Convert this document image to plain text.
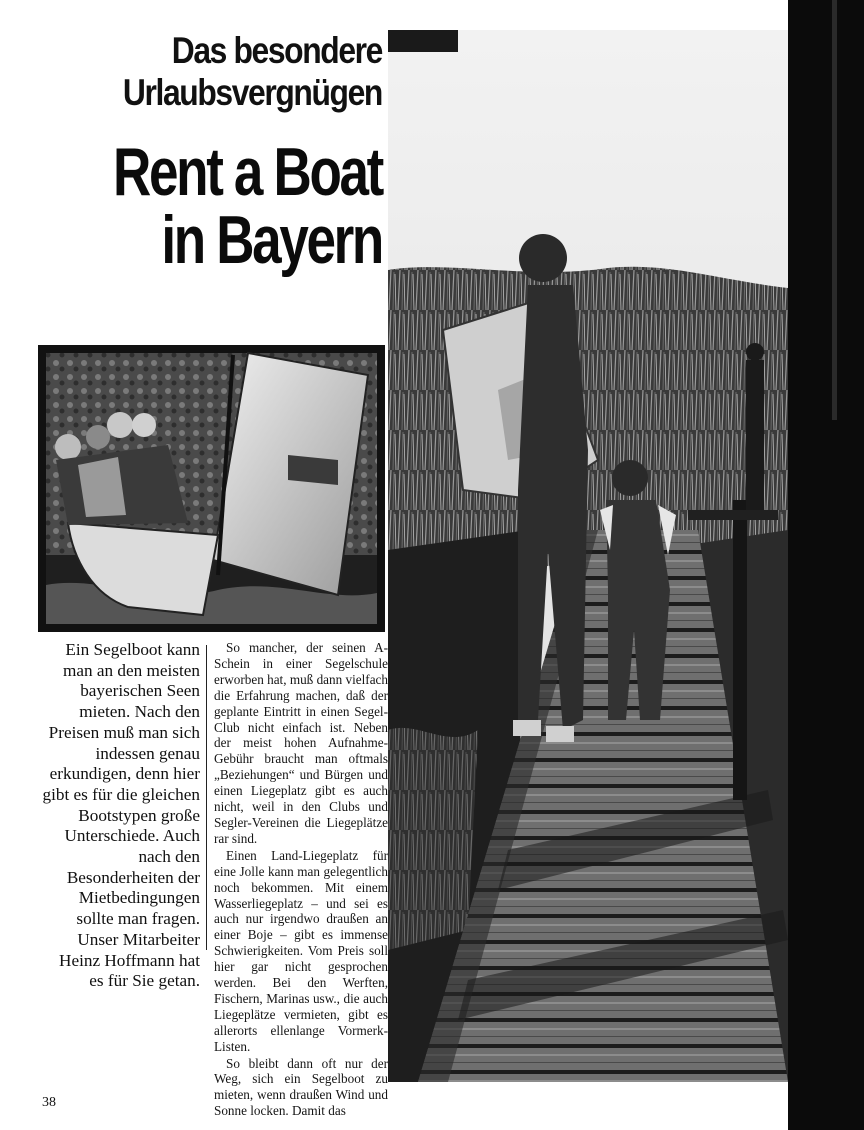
Das besondere
Urlaubsvergnügen
Rent a Boat
in Bayern
Ein Segelboot kann man an den meisten bayerischen Seen mieten. Nach den Preisen muß man sich indessen genau erkundigen, denn hier gibt es für die gleichen Bootstypen große Unterschiede. Auch nach den Besonderheiten der Mietbedingungen sollte man fragen. Unser Mitarbeiter Heinz Hoffmann hat es für Sie getan.

So mancher, der seinen A-Schein in einer Segelschule erworben hat, muß dann vielfach die Erfahrung machen, daß der geplante Eintritt in einen Segel-Club nicht einfach ist. Neben der meist hohen Aufnahme-Gebühr braucht man oftmals „Beziehungen“ und Bürgen und einen Liegeplatz gibt es auch nicht, weil in den Clubs und Segler-Vereinen die Liegeplätze rar sind.

Einen Land-Liegeplatz für eine Jolle kann man gelegentlich noch bekommen. Mit einem Wasserliegeplatz – und sei es auch nur irgendwo draußen an einer Boje – gibt es immense Schwierigkeiten. Vom Preis soll hier gar nicht gesprochen werden. Bei den Werften, Fischern, Marinas usw., die auch Liegeplätze vermieten, gibt es allerorts ellenlange Vormerk-Listen.

So bleibt dann oft nur der Weg, sich ein Segelboot zu mieten, wenn draußen Wind und Sonne locken. Damit das

38
